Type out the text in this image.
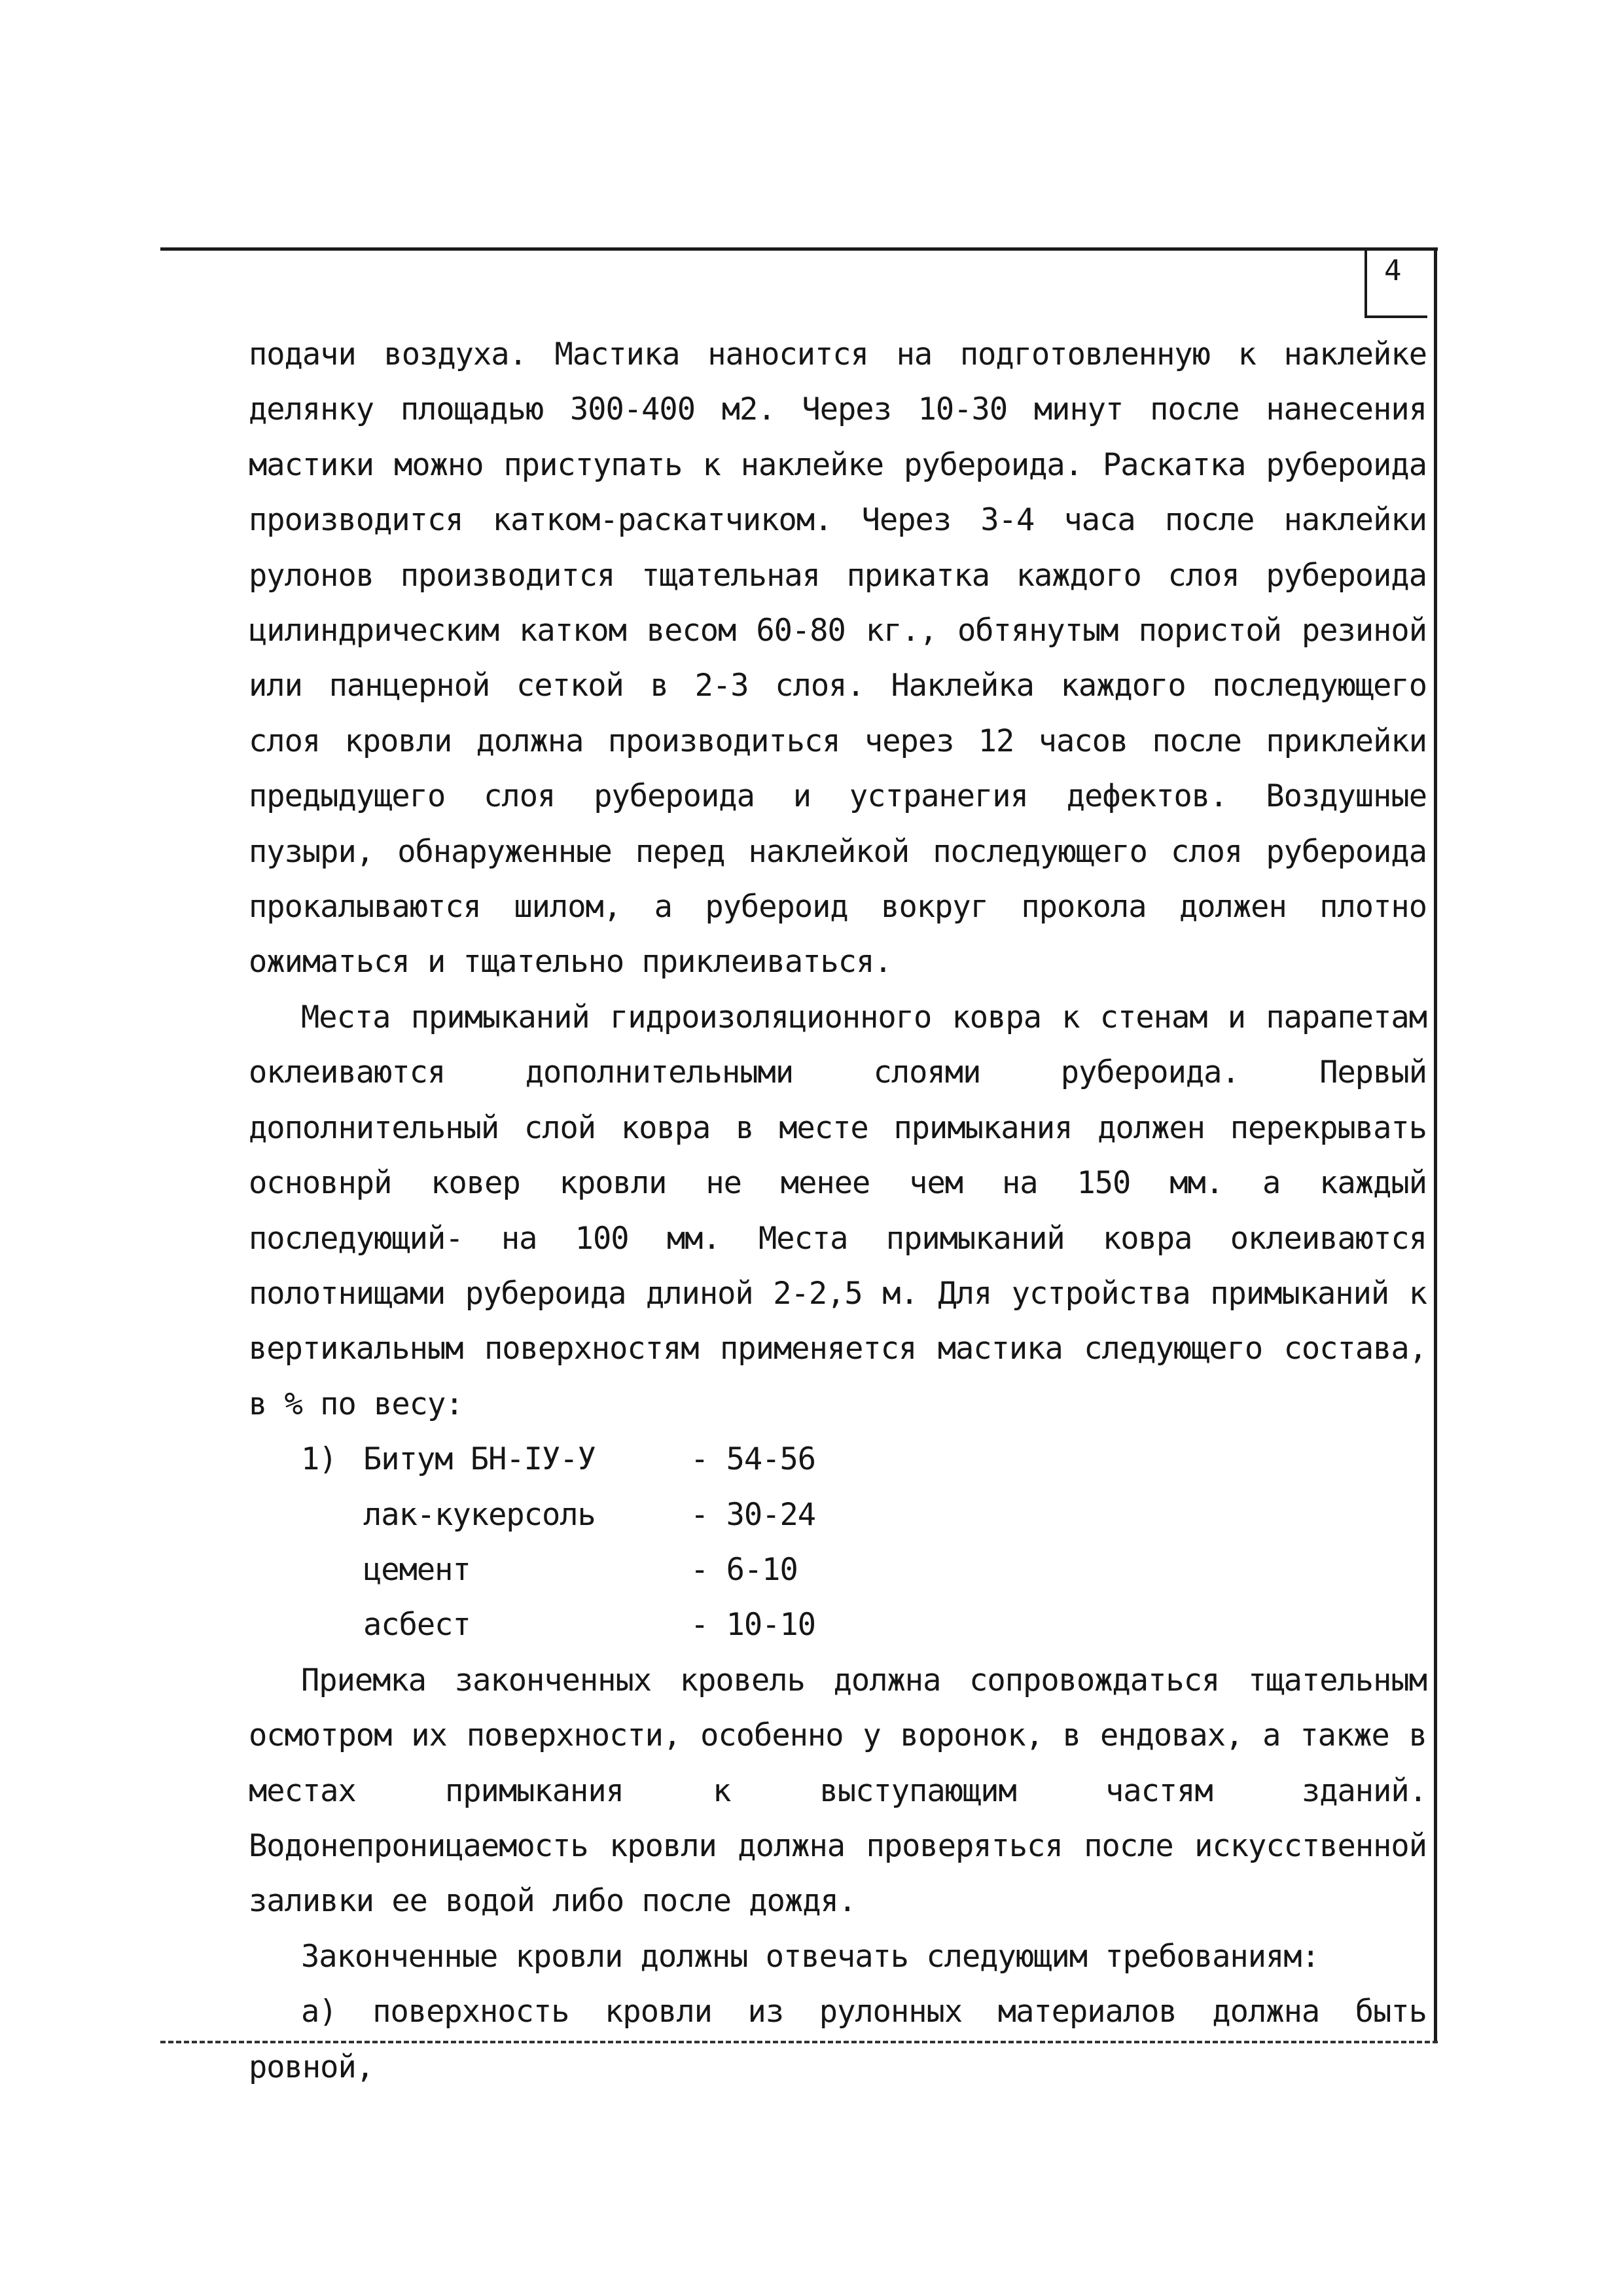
4

подачи воздуха. Мастика наносится на подготовленную к наклейке делянку площадью 300-400 м2. Через 10-30 минут после нанесения мастики можно приступать к наклейке рубероида. Раскатка рубероида производится катком-раскатчиком. Через 3-4 часа после наклейки рулонов производится тщательная прикатка каждого слоя рубероида цилиндрическим катком весом 60-80 кг., обтянутым пористой резиной или панцерной сеткой в 2-3 слоя. Наклейка каждого последующего слоя кровли должна производиться через 12 часов после приклейки предыдущего слоя рубероида и устранегия дефектов. Воздушные пузыри, обнаруженные перед наклейкой последующего слоя рубероида прокалываются шилом, а рубероид вокруг прокола должен плотно ожиматься и тщательно приклеиваться.

Места примыканий гидроизоляционного ковра к стенам и парапетам оклеиваются дополнительными слоями рубероида. Первый дополнительный слой ковра в месте примыкания должен перекрывать основнрй ковер кровли не менее чем на 150 мм. а каждый последующий- на 100 мм. Места примыканий ковра оклеиваются полотнищами рубероида длиной 2-2,5 м. Для устройства примыканий к вертикальным поверхностям применяется мастика следующего состава, в % по весу:

1)	Битум БН-IУ-У	- 54-56
	лак-кукерсоль	- 30-24
	цемент	- 6-10
	асбест	- 10-10

Приемка законченных кровель должна сопровождаться тщательным осмотром их поверхности, особенно у воронок, в ендовах, а также в местах примыкания к выступающим частям зданий. Водонепроницаемость кровли должна проверяться после искусственной заливки ее водой либо после дождя.

Законченные кровли должны отвечать следующим требованиям:

а) поверхность кровли из рулонных материалов должна быть ровной,
